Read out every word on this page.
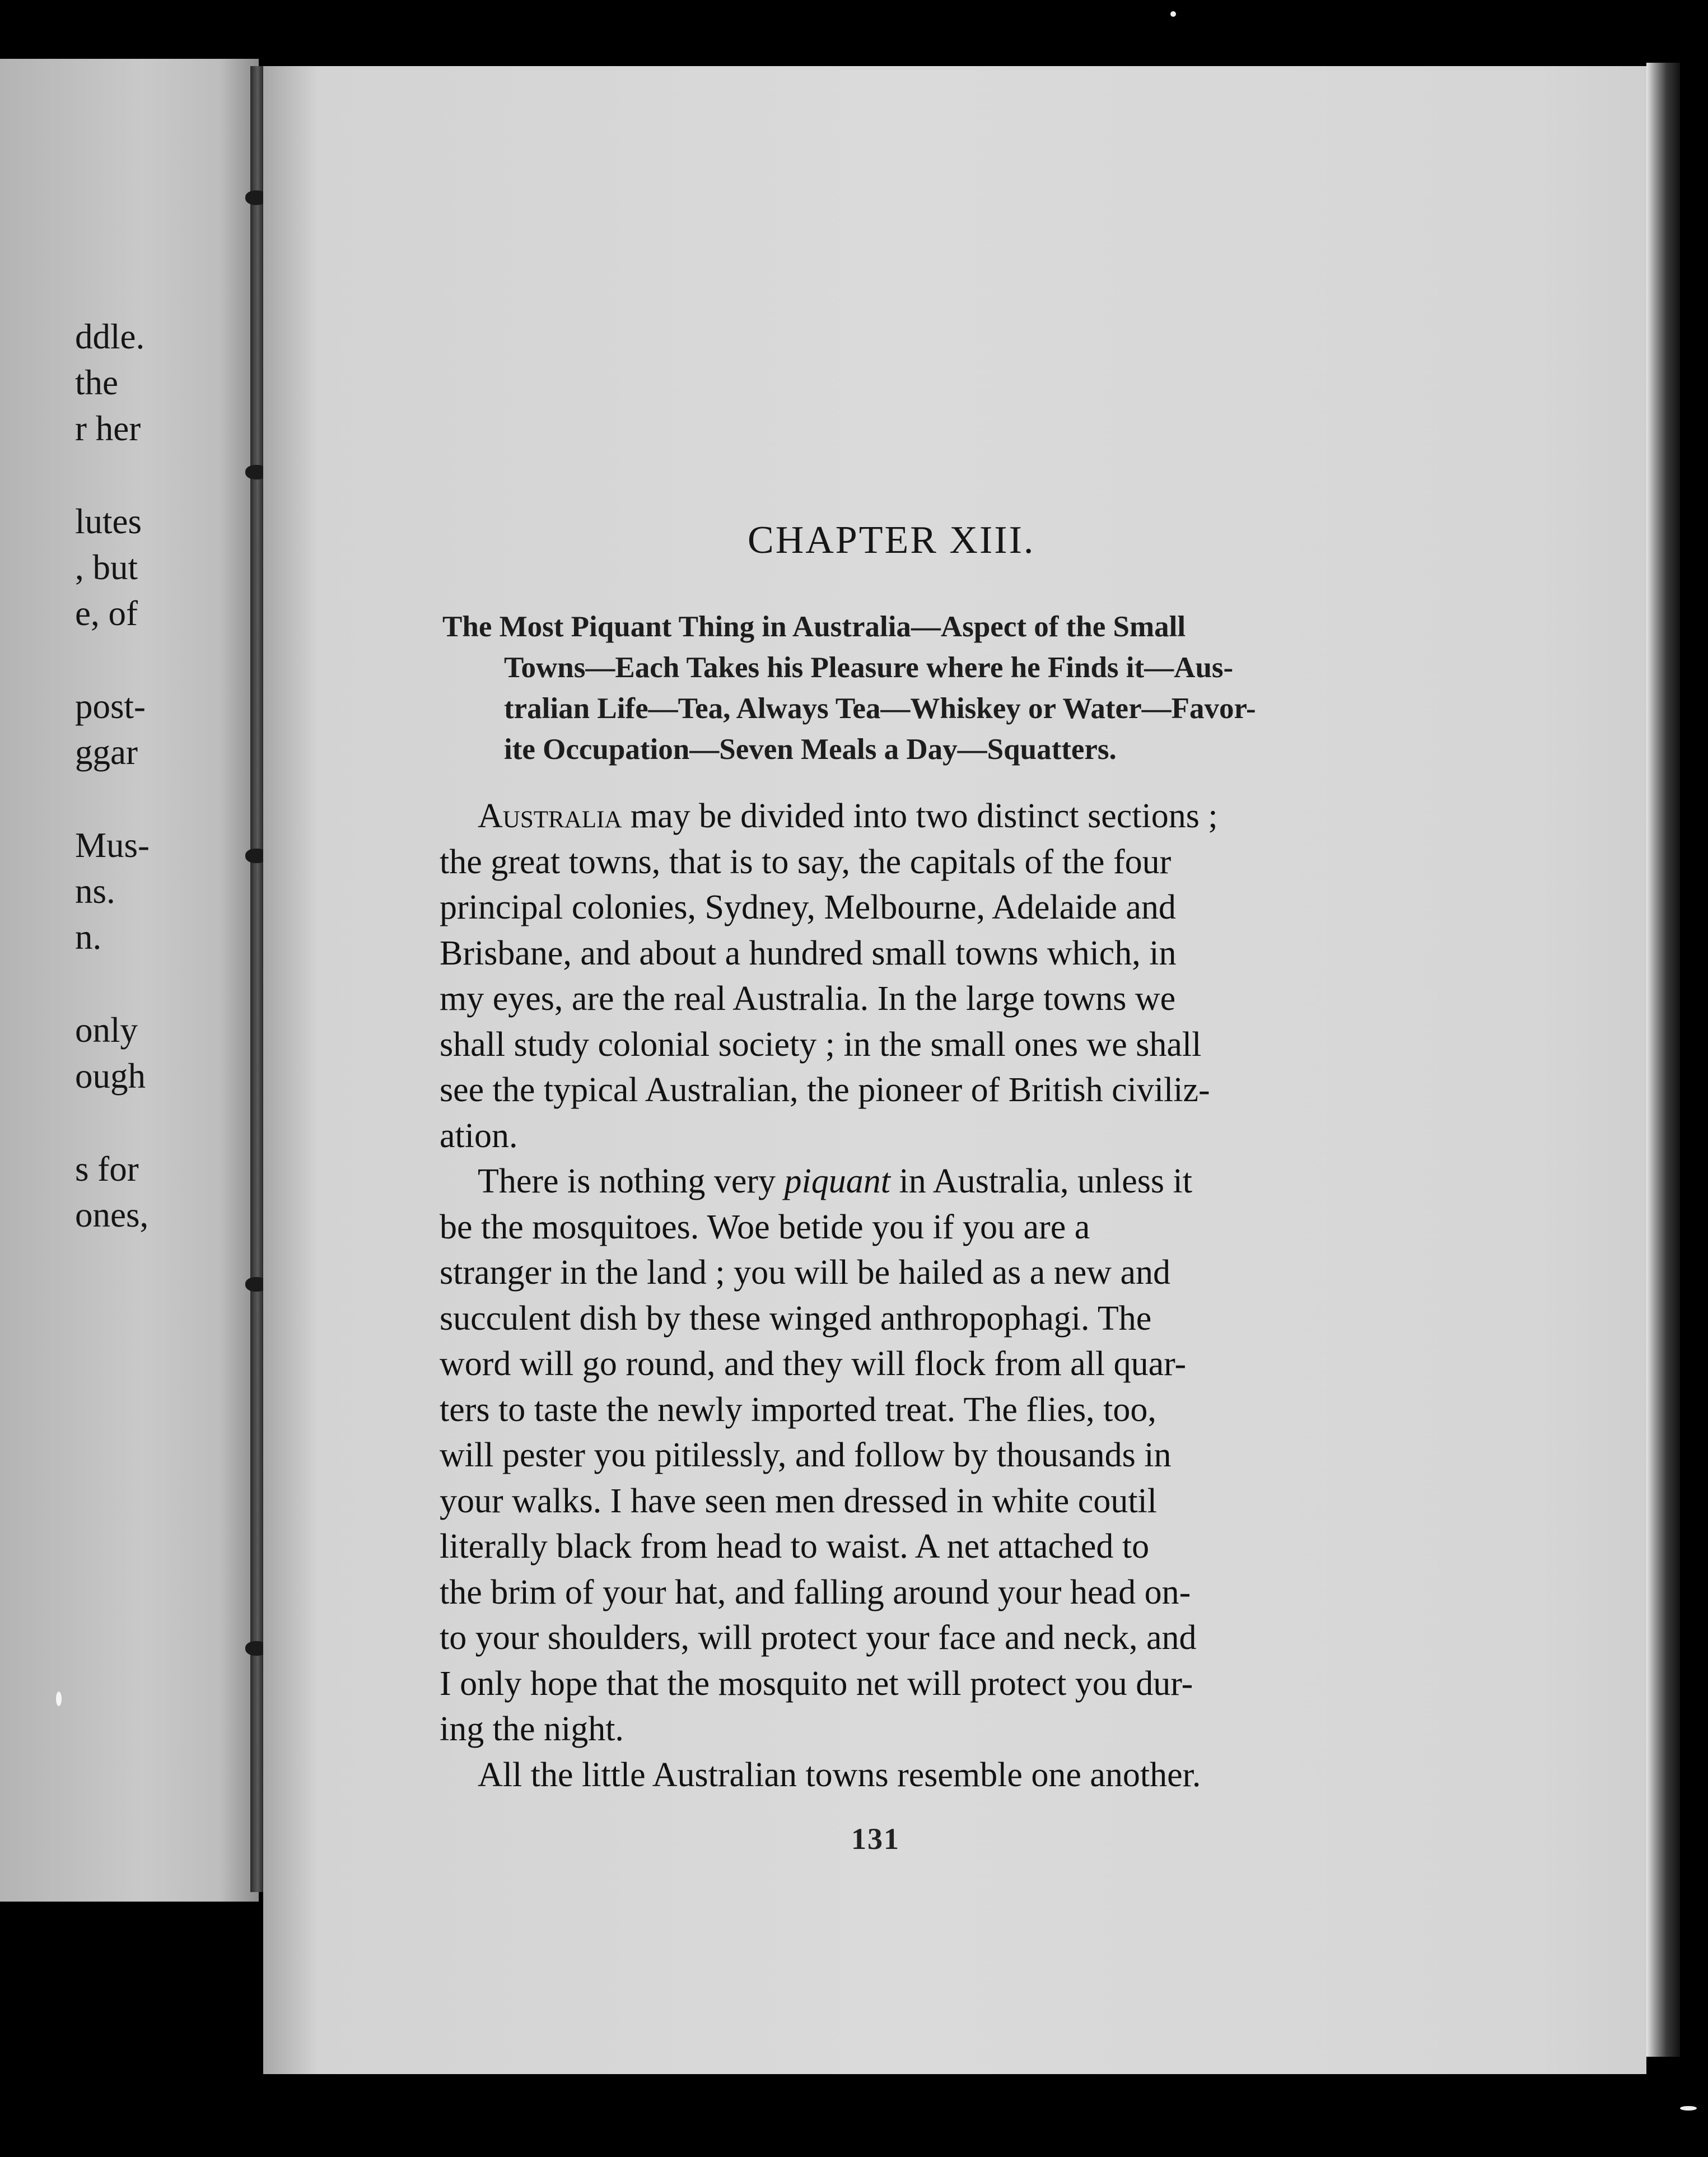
ddle.
the
r her
lutes
, but
e, of
post-
ggar
Mus-
ns.
n.
only
ough
s for
ones,
CHAPTER XIII.
The Most Piquant Thing in Australia—Aspect of the Small
Towns—Each Takes his Pleasure where he Finds it—Aus-
tralian Life—Tea, Always Tea—Whiskey or Water—Favor-
ite Occupation—Seven Meals a Day—Squatters.
Australia may be divided into two distinct sections ;
the great towns, that is to say, the capitals of the four
principal colonies, Sydney, Melbourne, Adelaide and
Brisbane, and about a hundred small towns which, in
my eyes, are the real Australia. In the large towns we
shall study colonial society ; in the small ones we shall
see the typical Australian, the pioneer of British civiliz-
ation.
There is nothing very piquant in Australia, unless it
be the mosquitoes. Woe betide you if you are a
stranger in the land ; you will be hailed as a new and
succulent dish by these winged anthropophagi. The
word will go round, and they will flock from all quar-
ters to taste the newly imported treat. The flies, too,
will pester you pitilessly, and follow by thousands in
your walks. I have seen men dressed in white coutil
literally black from head to waist. A net attached to
the brim of your hat, and falling around your head on-
to your shoulders, will protect your face and neck, and
I only hope that the mosquito net will protect you dur-
ing the night.
All the little Australian towns resemble one another.
131
